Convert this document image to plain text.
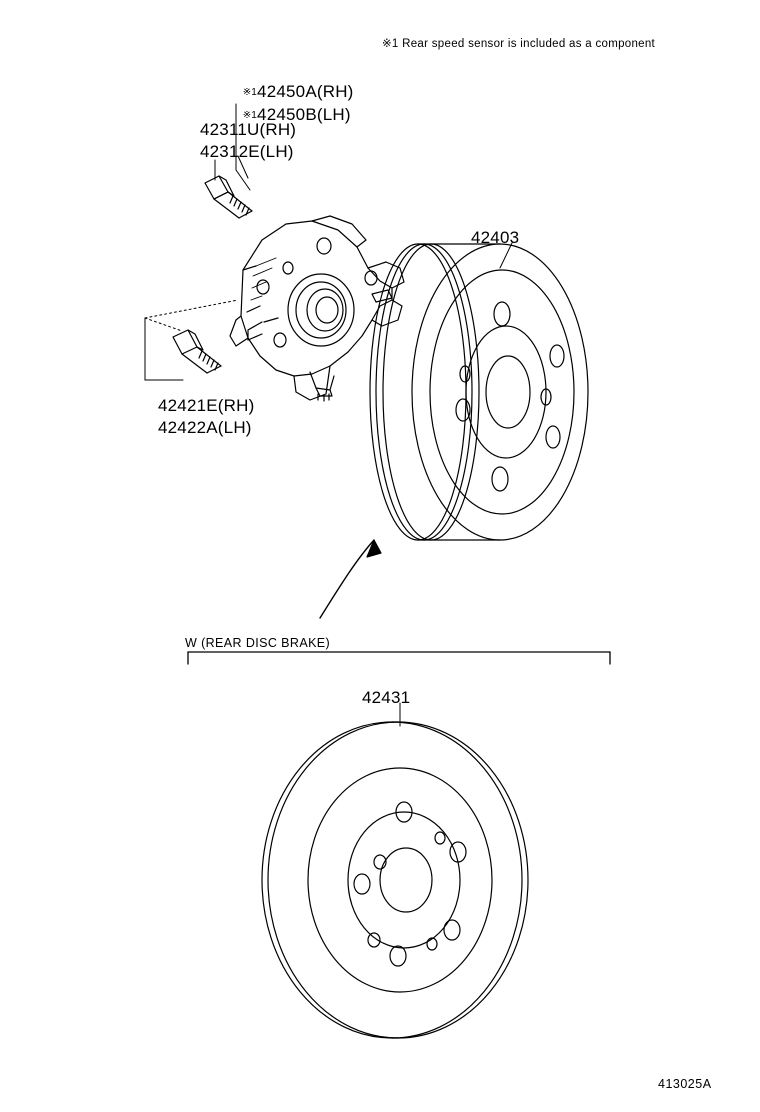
※1 Rear speed sensor is included as a component

※142450A(RH)

※142450B(LH)

42311U(RH)
42312E(LH)
42421E(RH)
42422A(LH)
42403
42431
W (REAR DISC BRAKE)
413025A
